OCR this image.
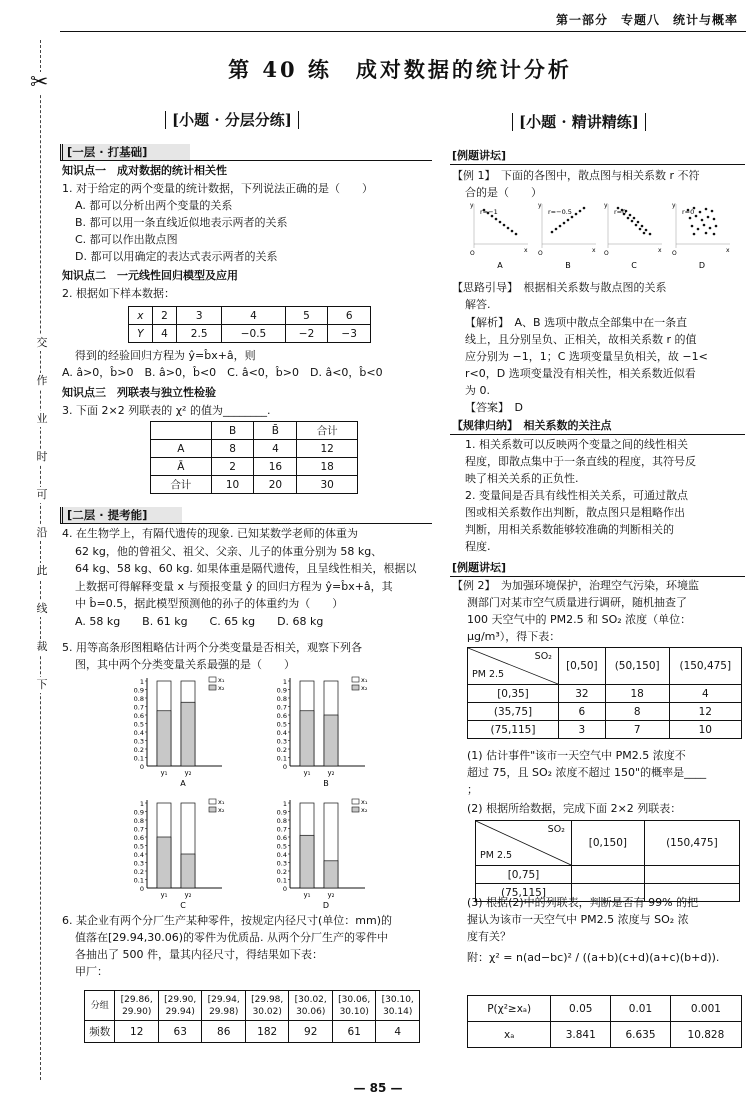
第一部分　专题八　统计与概率
✂
交
作
业
时
可
沿
此
线
裁
下
第 40 练　成对数据的统计分析
[小题 · 分层分练]
[一层 · 打基础]
知识点一　成对数据的统计相关性
1. 对于给定的两个变量的统计数据，下列说法正确的是（　　）
A. 都可以分析出两个变量的关系
B. 都可以用一条直线近似地表示两者的关系
C. 都可以作出散点图
D. 都可以用确定的表达式表示两者的关系
知识点二　一元线性回归模型及应用
2. 根据如下样本数据：
x	2	3	4	5	6
Y	4	2.5	−0.5	−2	−3
得到的经验回归方程为 ŷ=b̂x+â，则
A. â>0，b̂>0　B. â>0，b̂<0　C. â<0，b̂>0　D. â<0，b̂<0
知识点三　列联表与独立性检验
3. 下面 2×2 列联表的 χ² 的值为________.
	B	B̄	合计
A	8	4	12
Ā	2	16	18
合计	10	20	30
[二层 · 提考能]
4. 在生物学上，有隔代遗传的现象. 已知某数学老师的体重为
62 kg，他的曾祖父、祖父、父亲、儿子的体重分别为 58 kg、
64 kg、58 kg、60 kg. 如果体重是隔代遗传，且呈线性相关，根据以
上数据可得解释变量 x 与预报变量 ŷ 的回归方程为 ŷ=b̂x+â，其
中 b̂=0.5，据此模型预测他的孙子的体重约为（　　）
A. 58 kg　　B. 61 kg　　C. 65 kg　　D. 68 kg
5. 用等高条形图粗略估计两个分类变量是否相关，观察下列各
图，其中两个分类变量关系最强的是（　　）
1
0.9
0.8
0.7
0.6
0.5
0.4
0.3
0.2
0.1
0
y₁ y₂
x₁
x₂
A
1
0.9
0.8
0.7
0.6
0.5
0.4
0.3
0.2
0.1
0
y₁ y₂
x₁
x₂
B
1
0.9
0.8
0.7
0.6
0.5
0.4
0.3
0.2
0.1
0
y₁ y₂
x₁
x₂
C
1
0.9
0.8
0.7
0.6
0.5
0.4
0.3
0.2
0.1
0
y₁ y₂
x₁
x₂
D
6. 某企业有两个分厂生产某种零件，按规定内径尺寸(单位：mm)的
值落在[29.94,30.06)的零件为优质品. 从两个分厂生产的零件中
各抽出了 500 件，量其内径尺寸，得结果如下表：
甲厂：
分组	[29.86,
29.90)	[29.90,
29.94)	[29.94,
29.98)	[29.98,
30.02)	[30.02,
30.06)	[30.06,
30.10)	[30.10,
30.14)
频数	12	63	86	182	92	61	4
[小题 · 精讲精练]
[例题讲坛]
【例 1】　下面的各图中，散点图与相关系数 r 不符
合的是（　　）
r=−1
y
x
O
A
r=−0.5
y
x
O
B
r=0
y
x
O
C
r=0
y
x
O
D
【思路引导】　根据相关系数与散点图的关系
解答.
【解析】　A、B 选项中散点全部集中在一条直
线上，且分别呈负、正相关，故相关系数 r 的值
应分别为 −1，1；C 选项变量呈负相关，故 −1<
r<0，D 选项变量没有相关性，相关系数近似看
为 0.
【答案】　D
【规律归纳】　相关系数的关注点
1. 相关系数可以反映两个变量之间的线性相关
程度，即散点集中于一条直线的程度，其符号反
映了相关关系的正负性.
2. 变量间是否具有线性相关关系，可通过散点
图或相关系数作出判断，散点图只是粗略作出
判断，用相关系数能够较准确的判断相关的
程度.
[例题讲坛]
【例 2】　为加强环境保护，治理空气污染，环境监
测部门对某市空气质量进行调研，随机抽查了
100 天空气中的 PM2.5 和 SO₂ 浓度（单位：
μg/m³），得下表：
SO₂
PM 2.5	[0,50]	(50,150]	(150,475]
[0,35]	32	18	4
(35,75]	6	8	12
(75,115]	3	7	10
(1) 估计事件"该市一天空气中 PM2.5 浓度不
超过 75，且 SO₂ 浓度不超过 150"的概率是____
；
(2) 根据所给数据，完成下面 2×2 列联表：
SO₂
PM 2.5	[0,150]	(150,475]
[0,75]		
(75,115]		
(3) 根据(2)中的列联表，判断是否有 99% 的把
握认为该市一天空气中 PM2.5 浓度与 SO₂ 浓
度有关？
附：χ² = n(ad−bc)² / ((a+b)(c+d)(a+c)(b+d)).
P(χ²≥xₐ)	0.05	0.01	0.001
xₐ	3.841	6.635	10.828
— 85 —
